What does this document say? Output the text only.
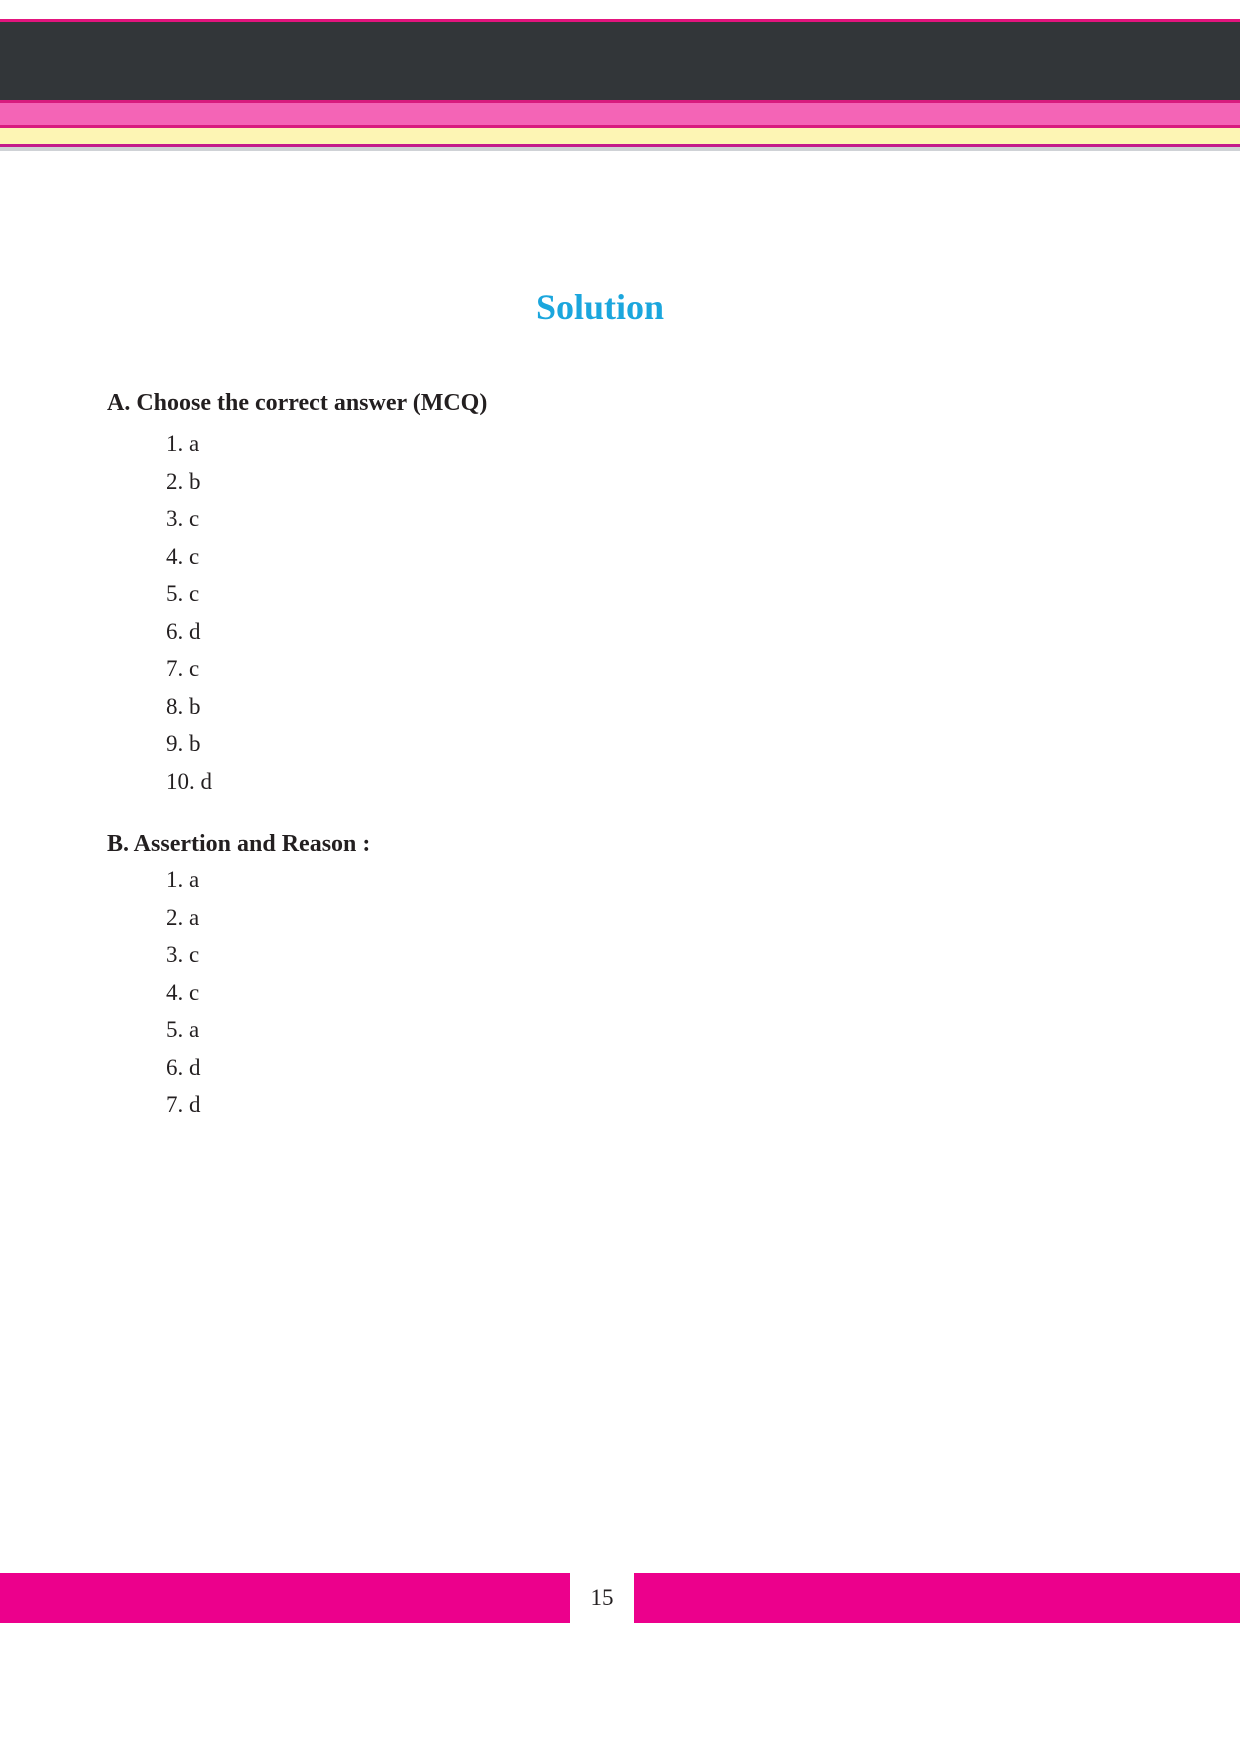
Solution
A. Choose the correct answer (MCQ)
1. a
2. b
3. c
4. c
5. c
6. d
7. c
8. b
9. b
10. d
B. Assertion and Reason :
1. a
2. a
3. c
4. c
5. a
6. d
7. d
15
